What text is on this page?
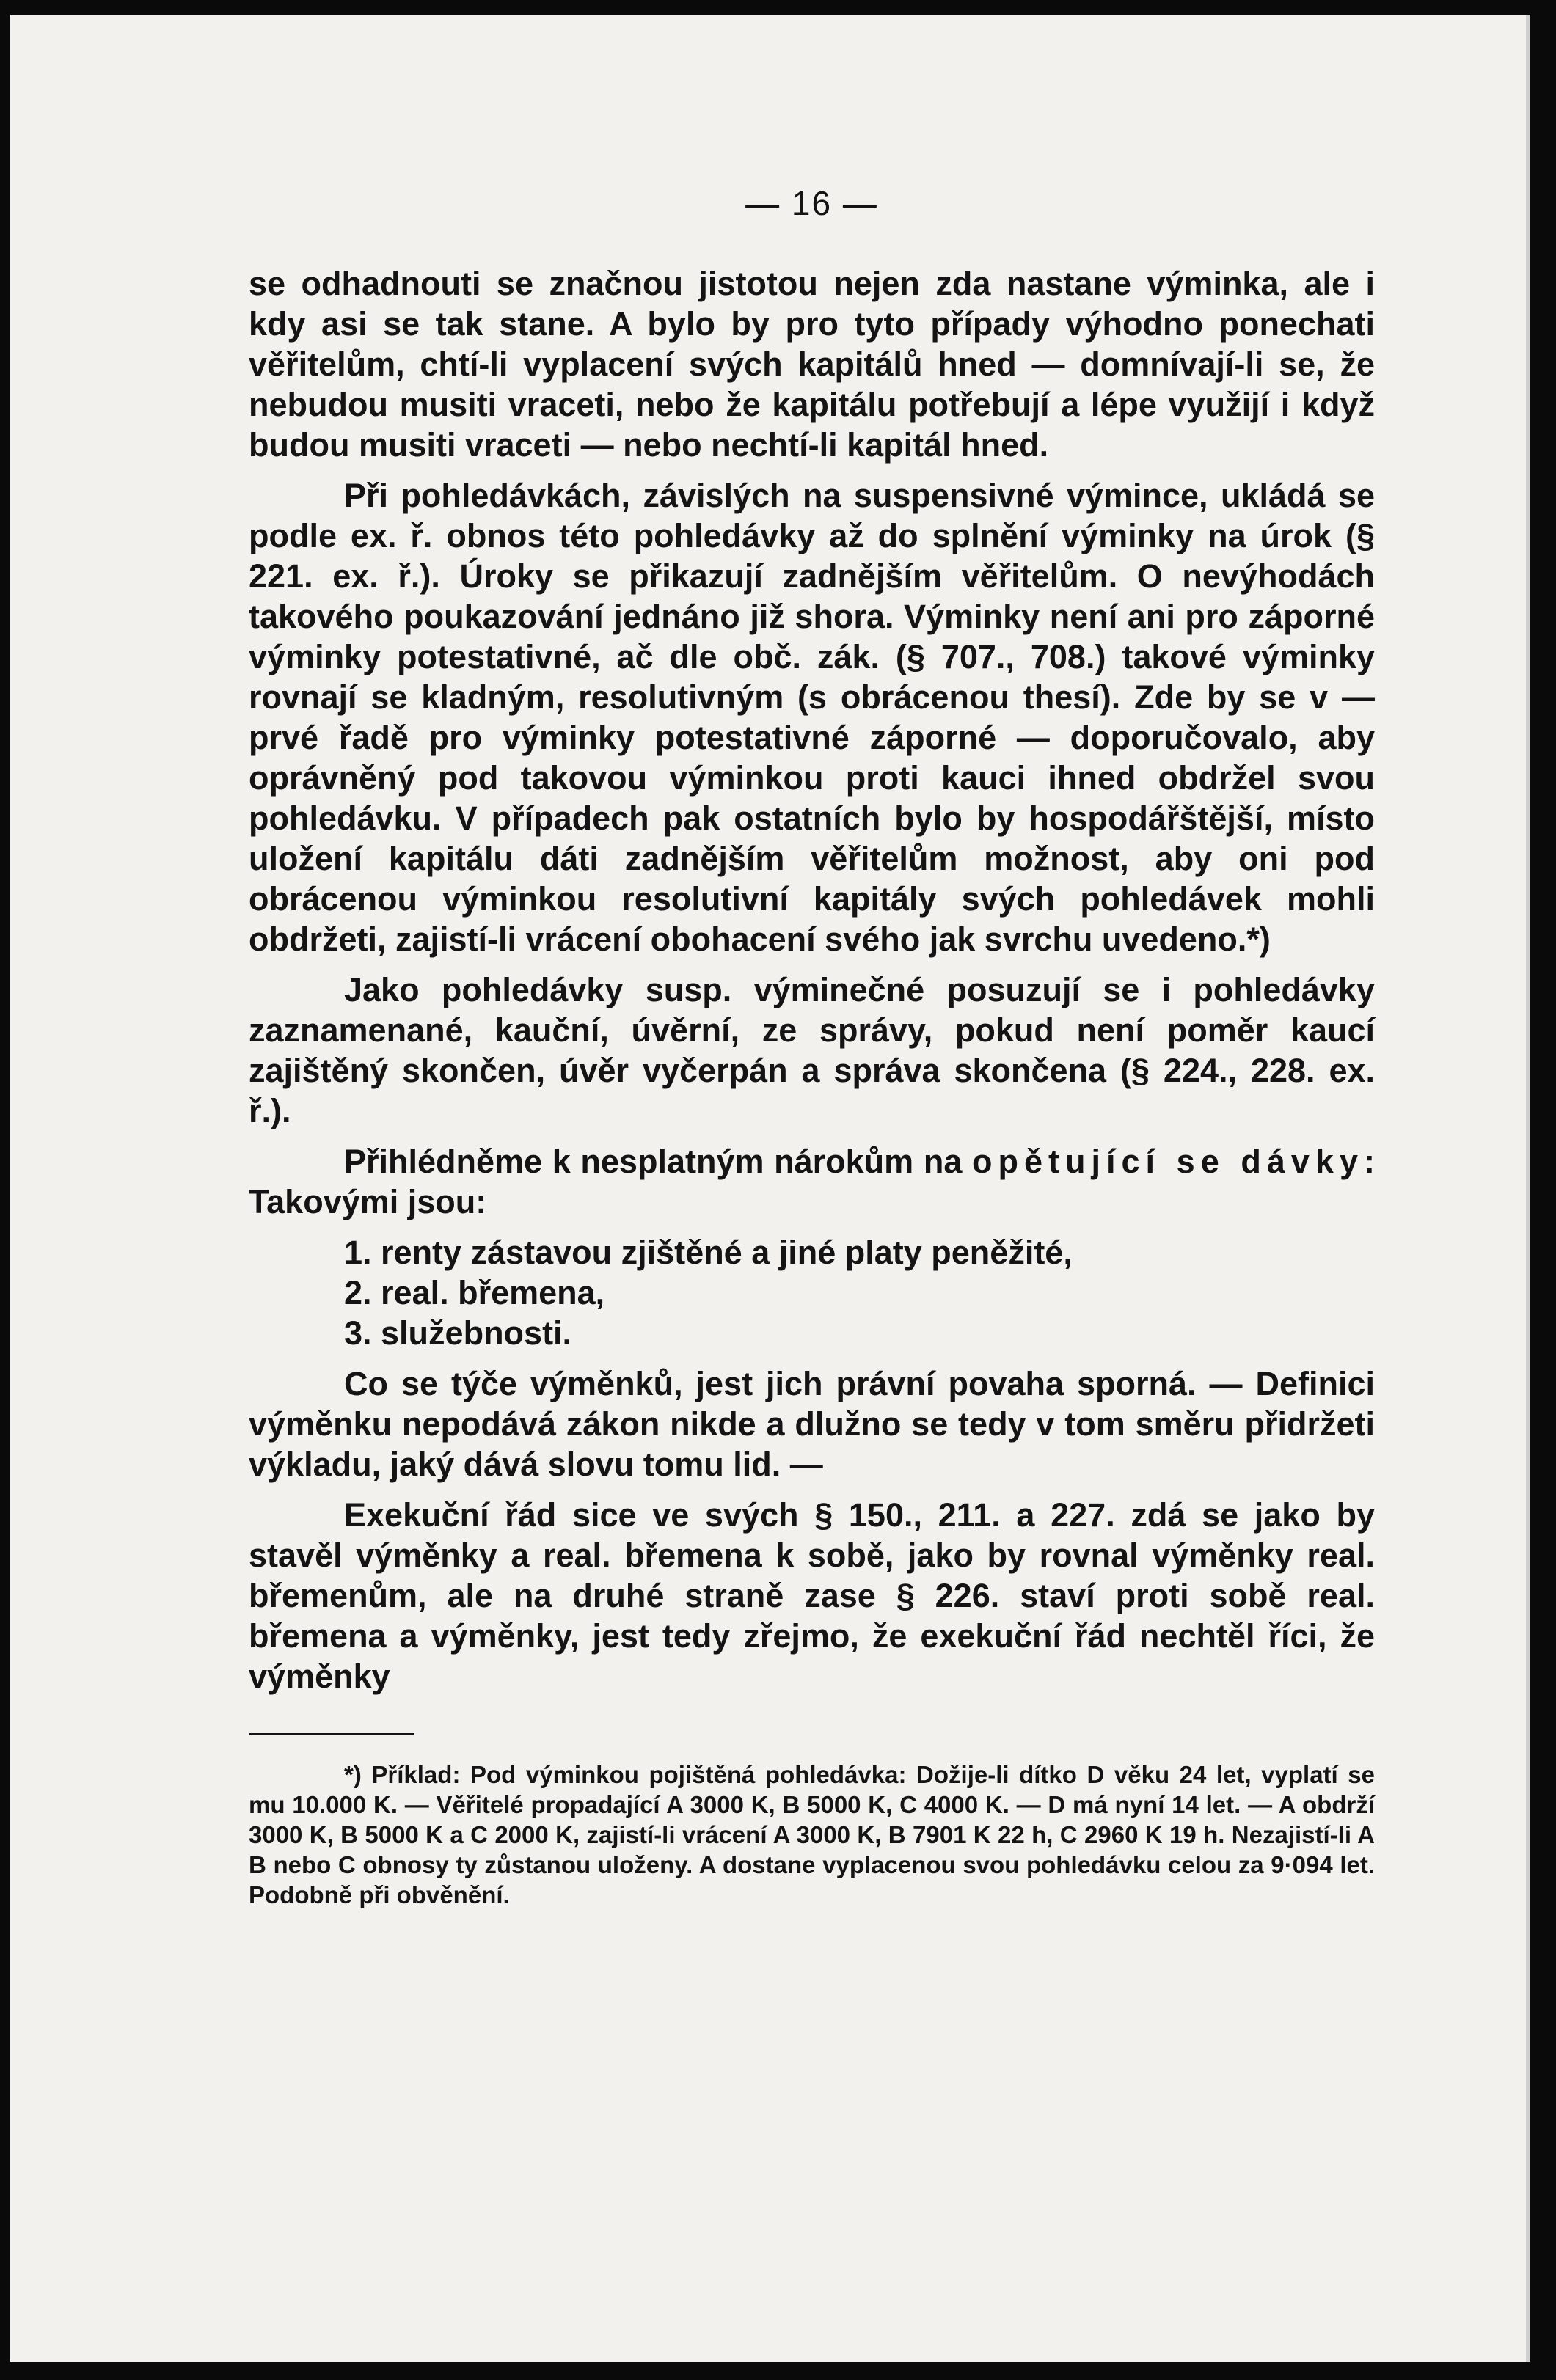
— 16 —

se odhadnouti se značnou jistotou nejen zda nastane výminka, ale i kdy asi se tak stane. A bylo by pro tyto případy výhodno ponechati věřitelům, chtí-li vyplacení svých kapitálů hned — domnívají-li se, že nebudou musiti vraceti, nebo že kapitálu potřebují a lépe využijí i když budou musiti vraceti — nebo nechtí-li kapitál hned.

Při pohledávkách, závislých na suspensivné výmince, ukládá se podle ex. ř. obnos této pohledávky až do splnění výminky na úrok (§ 221. ex. ř.). Úroky se přikazují zadnějším věřitelům. O nevýhodách takového poukazování jednáno již shora. Výminky není ani pro záporné výminky potestativné, ač dle obč. zák. (§ 707., 708.) takové výminky rovnají se kladným, resolutivným (s obrácenou thesí). Zde by se v — prvé řadě pro výminky potestativné záporné — doporučovalo, aby oprávněný pod takovou výminkou proti kauci ihned obdržel svou pohledávku. V případech pak ostatních bylo by hospodářštější, místo uložení kapitálu dáti zadnějším věřitelům možnost, aby oni pod obrácenou výminkou resolutivní kapitály svých pohledávek mohli obdržeti, zajistí-li vrácení obohacení svého jak svrchu uvedeno.*)

Jako pohledávky susp. výminečné posuzují se i pohledávky zaznamenané, kauční, úvěrní, ze správy, pokud není poměr kaucí zajištěný skončen, úvěr vyčerpán a správa skončena (§ 224., 228. ex. ř.).

Přihlédněme k nesplatným nárokům na opětující se dávky: Takovými jsou:

1. renty zástavou zjištěné a jiné platy peněžité,
2. real. břemena,
3. služebnosti.

Co se týče výměnků, jest jich právní povaha sporná. — Definici výměnku nepodává zákon nikde a dlužno se tedy v tom směru přidržeti výkladu, jaký dává slovu tomu lid. —

Exekuční řád sice ve svých § 150., 211. a 227. zdá se jako by stavěl výměnky a real. břemena k sobě, jako by rovnal výměnky real. břemenům, ale na druhé straně zase § 226. staví proti sobě real. břemena a výměnky, jest tedy zřejmo, že exekuční řád nechtěl říci, že výměnky

*) Příklad: Pod výminkou pojištěná pohledávka: Dožije-li dítko D věku 24 let, vyplatí se mu 10.000 K. — Věřitelé propadající A 3000 K, B 5000 K, C 4000 K. — D má nyní 14 let. — A obdrží 3000 K, B 5000 K a C 2000 K, zajistí-li vrácení A 3000 K, B 7901 K 22 h, C 2960 K 19 h. Nezajistí-li A B nebo C obnosy ty zůstanou uloženy. A dostane vyplacenou svou pohledávku celou za 9·094 let. Podobně při obvěnění.
